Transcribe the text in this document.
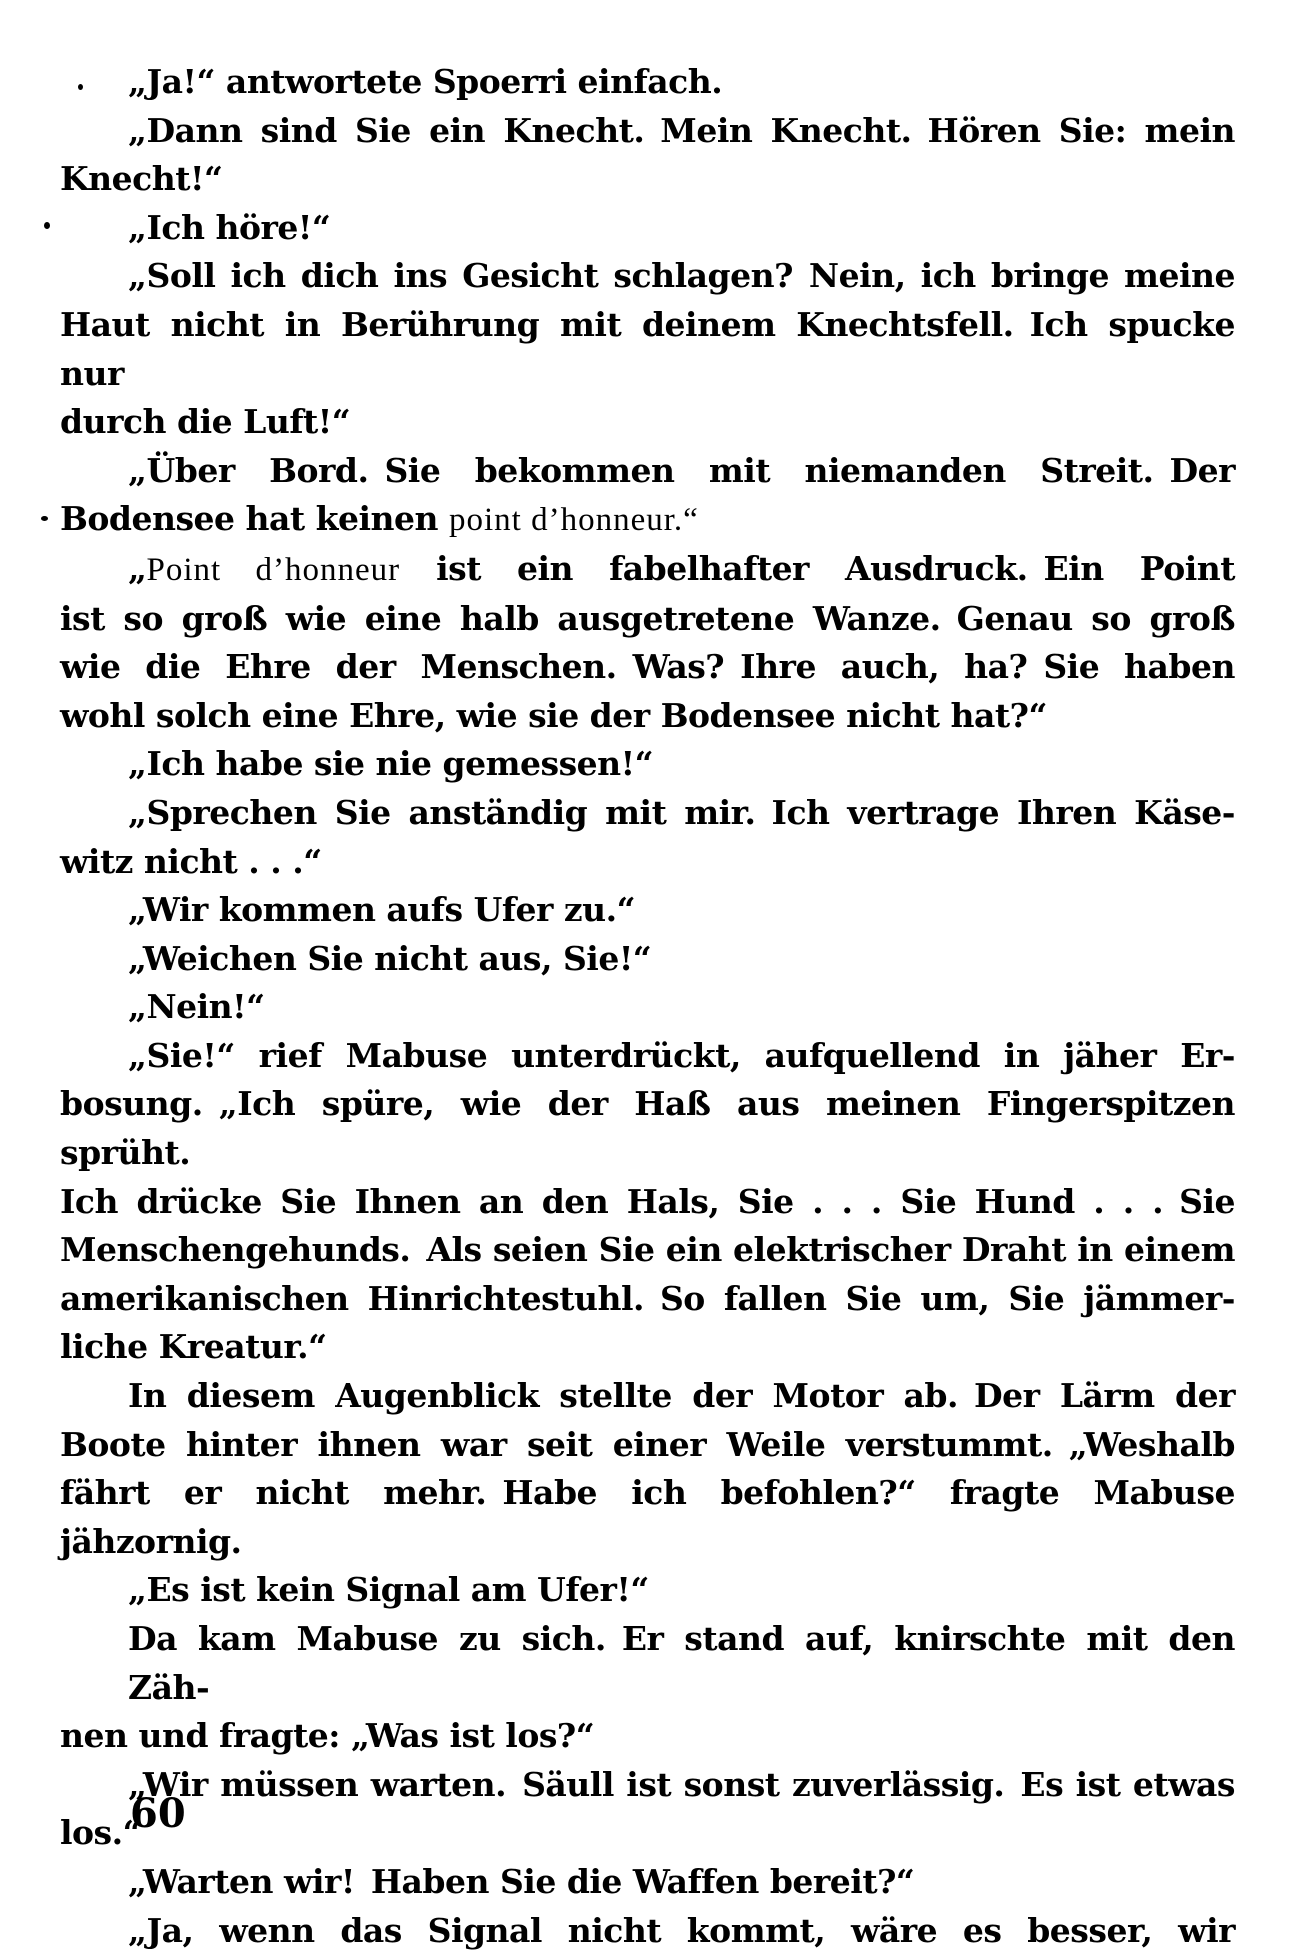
„Ja!“ antwortete Spoerri einfach.
„Dann sind Sie ein Knecht. Mein Knecht. Hören Sie: mein
Knecht!“
„Ich höre!“
„Soll ich dich ins Gesicht schlagen? Nein, ich bringe meine
Haut nicht in Berührung mit deinem Knechtsfell. Ich spucke nur
durch die Luft!“
„Über Bord. Sie bekommen mit niemanden Streit. Der
Bodensee hat keinen point d’honneur.“
„Point d’honneur ist ein fabelhafter Ausdruck. Ein Point
ist so groß wie eine halb ausgetretene Wanze. Genau so groß
wie die Ehre der Menschen. Was? Ihre auch, ha? Sie haben
wohl solch eine Ehre, wie sie der Bodensee nicht hat?“
„Ich habe sie nie gemessen!“
„Sprechen Sie anständig mit mir. Ich vertrage Ihren Käse-
witz nicht . . .“
„Wir kommen aufs Ufer zu.“
„Weichen Sie nicht aus, Sie!“
„Nein!“
„Sie!“ rief Mabuse unterdrückt, aufquellend in jäher Er-
bosung. „Ich spüre, wie der Haß aus meinen Fingerspitzen sprüht.
Ich drücke Sie Ihnen an den Hals, Sie . . . Sie Hund . . . Sie
Menschengehunds. Als seien Sie ein elektrischer Draht in einem
amerikanischen Hinrichtestuhl. So fallen Sie um, Sie jämmer-
liche Kreatur.“
In diesem Augenblick stellte der Motor ab. Der Lärm der
Boote hinter ihnen war seit einer Weile verstummt. „Weshalb
fährt er nicht mehr. Habe ich befohlen?“ fragte Mabuse jähzornig.
„Es ist kein Signal am Ufer!“
Da kam Mabuse zu sich. Er stand auf, knirschte mit den Zäh-
nen und fragte: „Was ist los?“
„Wir müssen warten. Säull ist sonst zuverlässig. Es ist etwas
los.“
„Warten wir! Haben Sie die Waffen bereit?“
„Ja, wenn das Signal nicht kommt, wäre es besser, wir
60
